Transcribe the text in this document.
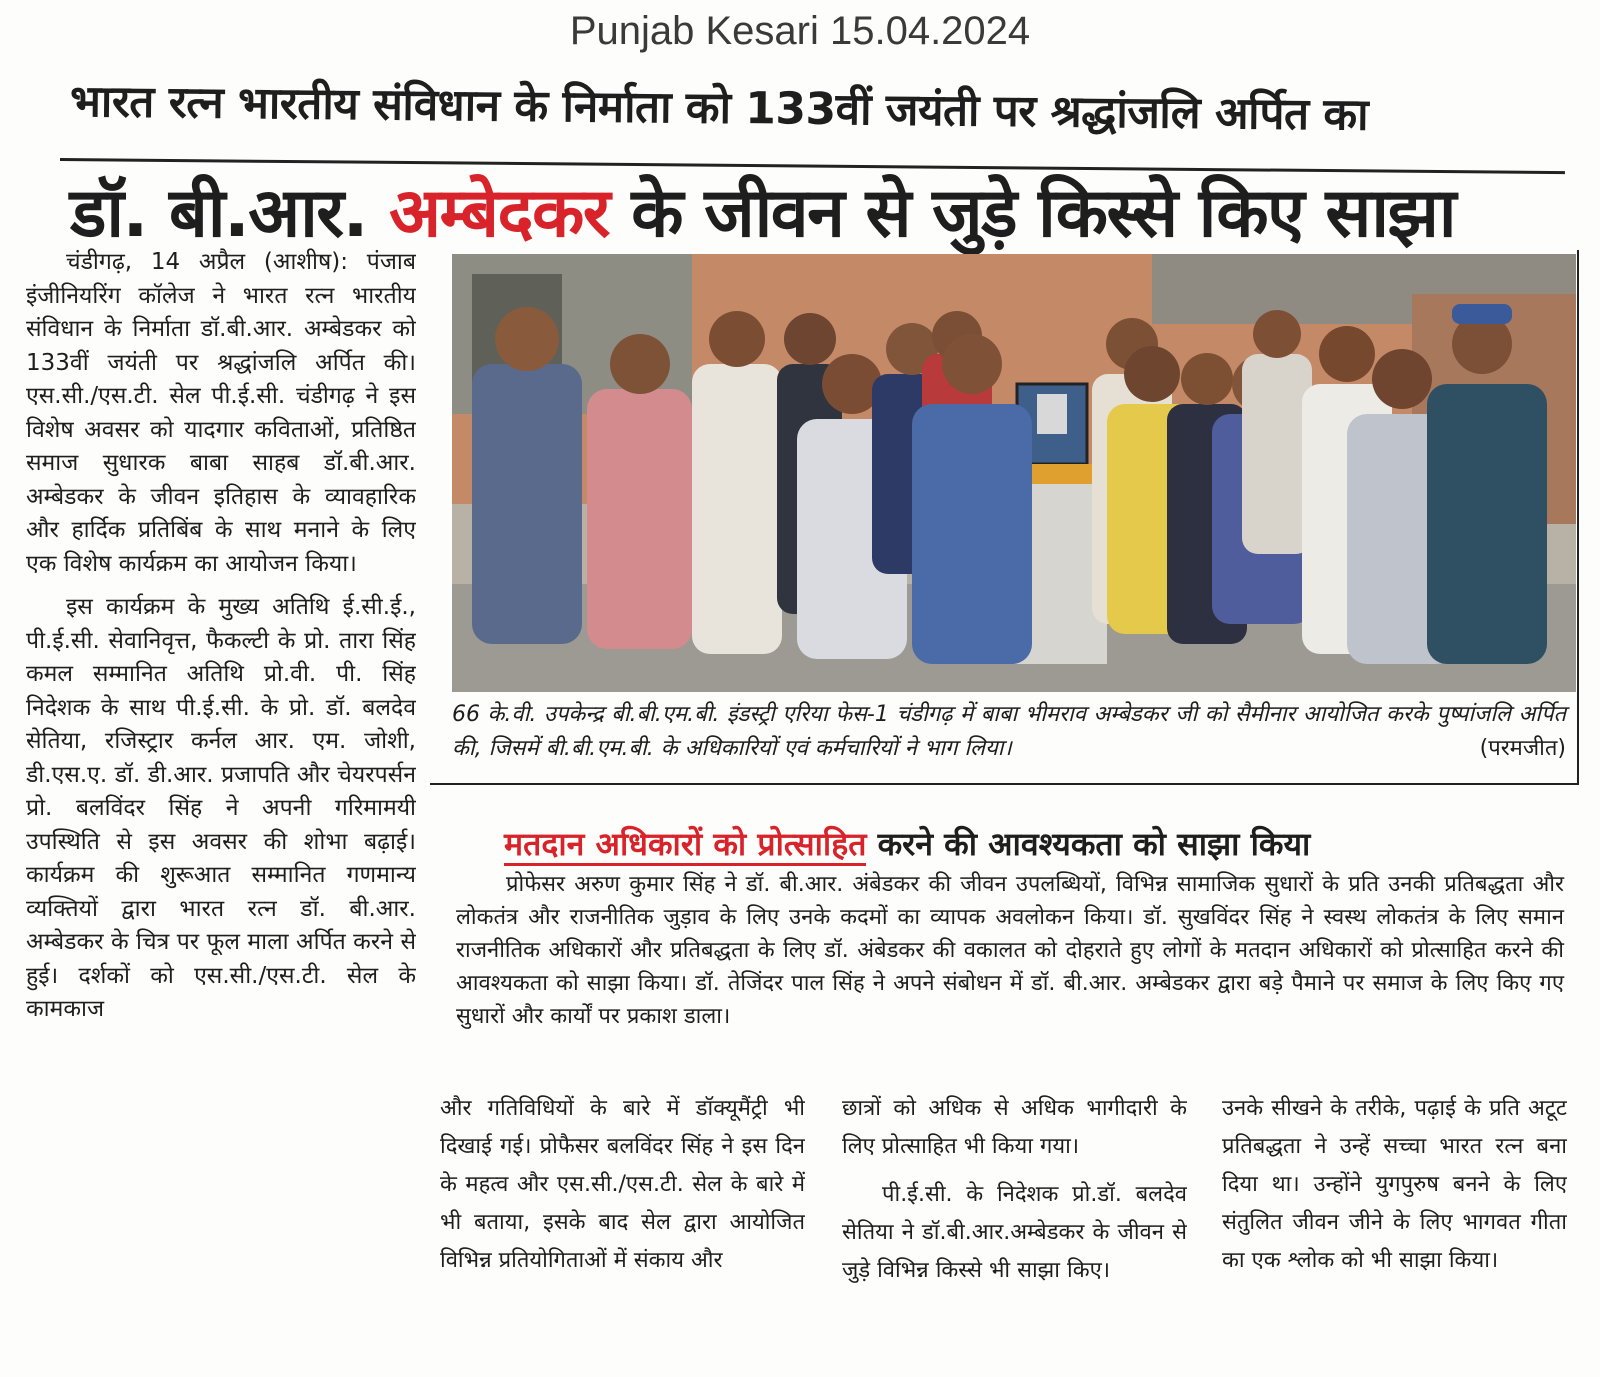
Punjab Kesari 15.04.2024
भारत रत्न भारतीय संविधान के निर्माता को 133वीं जयंती पर श्रद्धांजलि अर्पित का
डॉ. बी.आर. अम्बेदकर के जीवन से जुड़े किस्से किए साझा

चंडीगढ़, 14 अप्रैल (आशीष): पंजाब इंजीनियरिंग कॉलेज ने भारत रत्न भारतीय संविधान के निर्माता डॉ.बी.आर. अम्बेडकर को 133वीं जयंती पर श्रद्धांजलि अर्पित की। एस.सी./एस.टी. सेल पी.ई.सी. चंडीगढ़ ने इस विशेष अवसर को यादगार कविताओं, प्रतिष्ठित समाज सुधारक बाबा साहब डॉ.बी.आर. अम्बेडकर के जीवन इतिहास के व्यावहारिक और हार्दिक प्रतिबिंब के साथ मनाने के लिए एक विशेष कार्यक्रम का आयोजन किया।

इस कार्यक्रम के मुख्य अतिथि ई.सी.ई., पी.ई.सी. सेवानिवृत्त, फैकल्टी के प्रो. तारा सिंह कमल सम्मानित अतिथि प्रो.वी. पी. सिंह निदेशक के साथ पी.ई.सी. के प्रो. डॉ. बलदेव सेतिया, रजिस्ट्रार कर्नल आर. एम. जोशी, डी.एस.ए. डॉ. डी.आर. प्रजापति और चेयरपर्सन प्रो. बलविंदर सिंह ने अपनी गरिमामयी उपस्थिति से इस अवसर की शोभा बढ़ाई। कार्यक्रम की शुरूआत सम्मानित गणमान्य व्यक्तियों द्वारा भारत रत्न डॉ. बी.आर. अम्बेडकर के चित्र पर फूल माला अर्पित करने से हुई। दर्शकों को एस.सी./एस.टी. सेल के कामकाज

66 के.वी. उपकेन्द्र बी.बी.एम.बी. इंडस्ट्री एरिया फेस-1 चंडीगढ़ में बाबा भीमराव अम्बेडकर जी को सैमीनार आयोजित करके पुष्पांजलि अर्पित की, जिसमें बी.बी.एम.बी. के अधिकारियों एवं कर्मचारियों ने भाग लिया।	(परमजीत)
मतदान अधिकारों को प्रोत्साहित करने की आवश्यकता को साझा किया

प्रोफेसर अरुण कुमार सिंह ने डॉ. बी.आर. अंबेडकर की जीवन उपलब्धियों, विभिन्न सामाजिक सुधारों के प्रति उनकी प्रतिबद्धता और लोकतंत्र और राजनीतिक जुड़ाव के लिए उनके कदमों का व्यापक अवलोकन किया। डॉ. सुखविंदर सिंह ने स्वस्थ लोकतंत्र के लिए समान राजनीतिक अधिकारों और प्रतिबद्धता के लिए डॉ. अंबेडकर की वकालत को दोहराते हुए लोगों के मतदान अधिकारों को प्रोत्साहित करने की आवश्यकता को साझा किया। डॉ. तेजिंदर पाल सिंह ने अपने संबोधन में डॉ. बी.आर. अम्बेडकर द्वारा बड़े पैमाने पर समाज के लिए किए गए सुधारों और कार्यों पर प्रकाश डाला।

और गतिविधियों के बारे में डॉक्यूमैंट्री भी दिखाई गई। प्रोफैसर बलविंदर सिंह ने इस दिन के महत्व और एस.सी./एस.टी. सेल के बारे में भी बताया, इसके बाद सेल द्वारा आयोजित विभिन्न प्रतियोगिताओं में संकाय और

छात्रों को अधिक से अधिक भागीदारी के लिए प्रोत्साहित भी किया गया।

पी.ई.सी. के निदेशक प्रो.डॉ. बलदेव सेतिया ने डॉ.बी.आर.अम्बेडकर के जीवन से जुड़े विभिन्न किस्से भी साझा किए।

उनके सीखने के तरीके, पढ़ाई के प्रति अटूट प्रतिबद्धता ने उन्हें सच्चा भारत रत्न बना दिया था। उन्होंने युगपुरुष बनने के लिए संतुलित जीवन जीने के लिए भागवत गीता का एक श्लोक को भी साझा किया।
